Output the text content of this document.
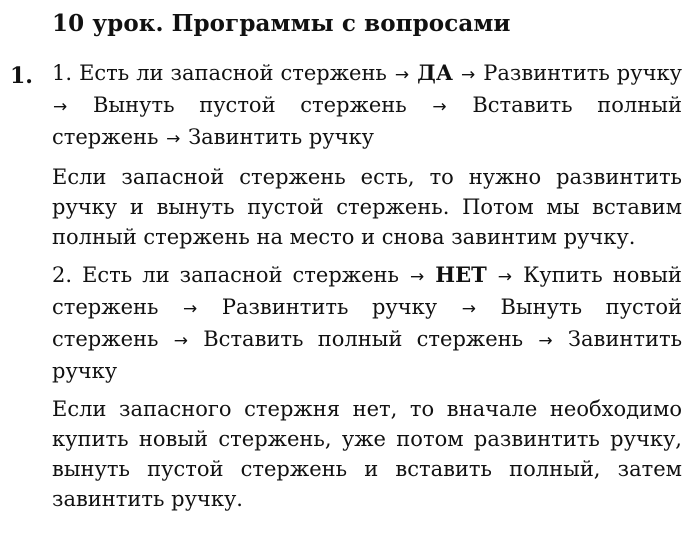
10 урок. Программы с вопросами
1. 1. Есть ли запасной стержень → ДА → Развинтить ручку → Вынуть пустой стержень → Вставить полный стержень → Завинтить ручку

Если запасной стержень есть, то нужно развинтить ручку и вынуть пустой стержень. Потом мы вставим полный стержень на место и снова завинтим ручку.

2. Есть ли запасной стержень → НЕТ → Купить новый стержень → Развинтить ручку → Вынуть пустой стержень → Вставить полный стержень → Завинтить ручку

Если запасного стержня нет, то вначале необходимо купить новый стержень, уже потом развинтить ручку, вынуть пустой стержень и вставить полный, затем завинтить ручку.
